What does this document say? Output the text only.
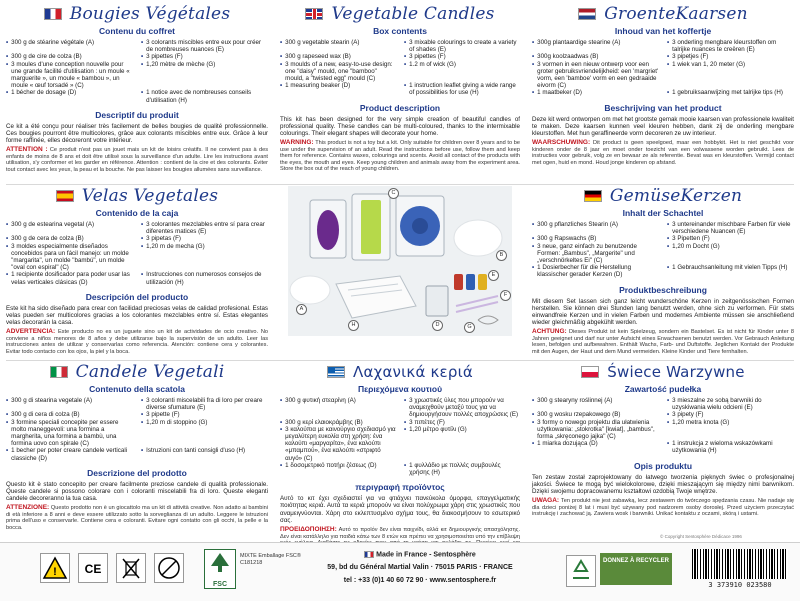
Bougies Végétales
Contenu du coffret
• 300 g de stéarine végétale (A)	• 3 colorants miscibles entre eux pour créer de nombreuses nuances (E)
• 300 g de cire de colza (B)	• 3 pipettes (F)
• 3 moules d'une conception nouvelle pour une grande facilité d'utilisation : un moule « marguerite », un moule « bambou », un moule « œuf torsadé » (C)
• 1,20 mètre de mèche (G)
• 1 bécher de dosage (D)	• 1 notice avec de nombreuses conseils d'utilisation (H)
Descriptif du produit

Ce kit a été conçu pour réaliser très facilement de belles bougies de qualité professionnelle. Ces bougies pourront être multicolores, grâce aux colorants miscibles entre eux. Grâce à leur forme raffinée, elles décoreront votre intérieur.

ATTENTION : Ce produit n'est pas un jouet mais un kit de loisirs créatifs. Il ne convient pas à des enfants de moins de 8 ans et doit être utilisé sous la surveillance d'un adulte. Lire les instructions avant utilisation, s'y conformer et les garder en référence. Attention : contient de la cire et des colorants. Éviter tout contact avec les yeux, la peau et la bouche. Ne pas laisser les bougies allumées sans surveillance.

Vegetable Candles
Box contents
• 300 g vegetable stearin (A)	• 3 mixable colourings to create a variety of shades (E)
• 300 g rapeseed wax (B)	• 3 pipettes (F)
• 3 moulds of a new, easy-to-use design: one "daisy" mould, one "bamboo" mould, a "twisted egg" mould (C)
• 1.2 m of wick (G)
• 1 measuring beaker (D)	• 1 instruction leaflet giving a wide range of possibilities for use (H)
Product description

This kit has been designed for the very simple creation of beautiful candles of professional quality. These candles can be multi-coloured, thanks to the intermixable colourings. Their elegant shapes will decorate your home.

WARNING: This product is not a toy but a kit. Only suitable for children over 8 years and to be use under the supervision of an adult. Read the instructions before use, follow them and keep them for reference. Contains waxes, colourings and scents. Avoid all contact of the products with the eyes, the mouth and eyes. Keep young children and animals away from the experiment area. Store the box out of the reach of young children.

GroenteKaarsen
Inhoud van het koffertje
• 300g plantaardige stearine (A)	• 3 onderling mengbare kleurstoffen om talrijke nuances te creëren (E)
• 300g koolzaadwas (B)	• 3 pipetjes (F)
• 3 vormen in een nieuw ontwerp voor een groter gebruiksvriendelijkheid: een 'margriet' vorm, een 'bamboe' vorm en een gedraaide eivorm (C)
• 1 wiek van 1, 20 meter (G)
• 1 maatbeker (D)	• 1 gebruiksaanwijzing met talrijke tips (H)
Beschrijving van het product

Deze kit werd ontworpen om met het grootste gemak mooie kaarsen van professionele kwaliteit te maken. Deze kaarsen kunnen veel kleuren hebben, dank zij de onderling mengbare kleurstoffen. Met hun geraffineerde vorm decoreren ze uw interieur.

WAARSCHUWING: Dit product is geen speelgoed, maar een hobbykit. Het is niet geschikt voor kinderen onder de 8 jaar en moet onder toezicht van een volwassene worden gebruikt. Lees de instructies voor gebruik, volg ze en bewaar ze als referentie. Bevat was en kleurstoffen. Vermijd contact met ogen, huid en mond. Houd jonge kinderen op afstand.

Velas Vegetales
Contenido de la caja
• 300 g de estearina vegetal (A)	• 3 colorantes mezclables entre sí para crear diferentes matices (E)
• 300 g de cera de colza (B)	• 3 pipetas (F)
• 3 moldes especialmente diseñados concebidos para un fácil manejo: un molde "margarita", un molde "bambú", un molde "oval con espiral" (C)
• 1,20 m de mecha (G)
• 1 recipiente dosificador para poder usar las velas verticales clásicas (D)
• Instrucciones con numerosos consejos de utilización (H)
Descripción del producto

Este kit ha sido diseñado para crear con facilidad preciosas velas de calidad profesional. Estas velas pueden ser multicolores gracias a los colorantes mezclables entre sí. Estas elegantes velas decorarán la casa.

ADVERTENCIA: Este producto no es un juguete sino un kit de actividades de ocio creativo. No conviene a niños menores de 8 años y debe utilizarse bajo la supervisión de un adulto. Leer las instrucciones antes de utilizar y conservarlas como referencia. Atención: contiene cera y colorantes. Evitar todo contacto con los ojos, la piel y la boca.

A
B
C
D
E
F
G
H
GemüseKerzen
Inhalt der Schachtel
• 300 g pflanzliches Stearin (A)	• 3 untereinander mischbare Farben für viele verschiedene Nuancen (E)
• 300 g Rapswachs (B)	• 3 Pipetten (F)
• 3 neue, ganz einfach zu benutzende Formen: „Bambus", „Margerite" und „verschnörkeltes Ei" (C)
• 1,20 m Docht (G)
• 1 Dosierbecher für die Herstellung klassischer gerader Kerzen (D)
• 1 Gebrauchsanleitung mit vielen Tipps (H)
Produktbeschreibung

Mit diesem Set lassen sich ganz leicht wunderschöne Kerzen in zeitgenössischen Formen herstellen. Sie können drei Stunden lang benutzt werden, ohne sich zu verformen. Für stets einwandfreie Kerzen und in vielen Farben und modernes Ambiente müssen sie anschließend wieder gleichmäßig abgekühlt werden.

ACHTUNG: Dieses Produkt ist kein Spielzeug, sondern ein Bastelset. Es ist nicht für Kinder unter 8 Jahren geeignet und darf nur unter Aufsicht eines Erwachsenen benutzt werden. Vor Gebrauch Anleitung lesen, befolgen und aufbewahren. Enthält Wachs, Farb- und Duftstoffe. Jeglichen Kontakt der Produkte mit den Augen, der Haut und dem Mund vermeiden. Kleine Kinder und Tiere fernhalten.

Candele Vegetali
Contenuto della scatola
• 300 g di stearina vegetale (A)	• 3 coloranti miscelabili fra di loro per creare diverse sfumature (E)
• 300 g di cera di colza (B)	• 3 pipette (F)
• 3 formine speciali concepite per essere molto maneggevoli: una formina a margherita, una formina a bambù, una formina uovo con spirale (C)
• 1,20 m di stoppino (G)
• 1 becher per poter creare candele verticali classiche (D)
• Istruzioni con tanti consigli d'uso (H)
Descrizione del prodotto

Questo kit è stato concepito per creare facilmente preziose candele di qualità professionale. Queste candele si possono colorare con i coloranti miscelabili fra di loro. Queste eleganti candele decoreranno la tua casa.

ATTENZIONE: Questo prodotto non è un giocattolo ma un kit di attività creative. Non adatto ai bambini di età inferiore a 8 anni e deve essere utilizzato sotto la sorveglianza di un adulto. Leggere le istruzioni prima dell'uso e conservarle. Contiene cera e coloranti. Evitare ogni contatto con gli occhi, la pelle e la bocca.

Λαχανικά κεριά
Περιεχόμενα κουτιού
• 300 g φυτική στεαρίνη (A)	• 3 χρωστικές ύλες που μπορούν να αναμειχθούν μεταξύ τους για να δημιουργήσουν πολλές αποχρώσεις (E)
• 300 g κερί ελαιοκράμβης (B)	• 3 πιπέτες (F)
• 3 καλούπια με καινούργιο σχεδιασμό για μεγαλύτερη ευκολία στη χρήση: ένα καλούπι «μαργαρίτα», ένα καλούπι «μπαμπού», ένα καλούπι «στριφτό αυγό» (C)
• 1,20 μέτρο φυτίλι (G)
• 1 δοσομετρικό ποτήρι ζέσεως (D)	• 1 φυλλάδιο με πολλές συμβουλές χρήσης (H)
περιγραφή προϊόντος

Αυτό το κιτ έχει σχεδιαστεί για να φτιάχνει πανεύκολα όμορφα, επαγγελματικής ποιότητας κεριά. Αυτά τα κεριά μπορούν να είναι πολύχρωμα χάρη στις χρωστικές που αναμειγνύονται. Χάρη στο εκλεπτυσμένο σχήμα τους, θα διακοσμήσουν το εσωτερικό σας.

ΠΡΟΕΙΔΟΠΟΙΗΣΗ: Αυτό το προϊόν δεν είναι παιχνίδι, αλλά κιτ δημιουργικής απασχόλησης. Δεν είναι κατάλληλο για παιδιά κάτω των 8 ετών και πρέπει να χρησιμοποιείται υπό την επίβλεψη

Świece Warzywne
Zawartość pudełka
• 300 g stearyny roślinnej (A)	• 3 mieszalne ze sobą barwniki do uzyskiwania wielu odcieni (E)
• 300 g wosku rzepakowego (B)	• 3 pipety (F)
• 3 formy o nowego projektu dla ułatwienia użytkowania: „stokrotka" [kwiat], „bambus", forma „skręconego jajka" (C)
• 1,20 metra knota (G)
• 1 miarka dozująca (D)	• 1 instrukcja z wieloma wskazówkami użytkowania (H)
Opis produktu

Ten zestaw został zaprojektowany do łatwego tworzenia pięknych świec o profesjonalnej jakości. Świece te mogą być wielokolorowe, dzięki mieszającym się między nimi barwnikom. Dzięki swojemu dopracowanemu kształtowi ozdobią Twoje wnętrze.

UWAGA: Ten produkt nie jest zabawką, lecz zestawem do twórczego spędzania czasu. Nie nadaje się dla dzieci poniżej 8 lat i musi być używany pod nadzorem osoby dorosłej. Przed użyciem przeczytać instrukcję i zachować ją. Zawiera wosk i barwniki. Unikać kontaktu z oczami, skórą i ustami.

! CE
FSC
MIXTE Emballage FSC® C181218
Made in France - Sentosphère
59, bd du Général Martial Valin · 75015 PARIS · FRANCE
tel : +33 (0)1 40 60 72 90 · www.sentosphere.fr
DONNEZ À RECYCLER
3 373910 023580
© Copyright Sentosphère Dédicace 1996
